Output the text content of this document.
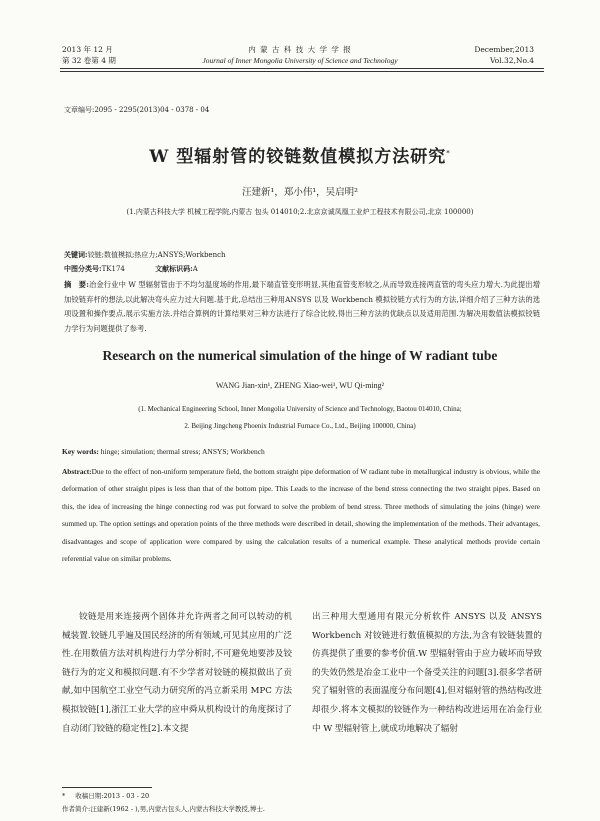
2013 年 12 月
第 32 卷第 4 期
内 蒙 古 科 技 大 学 学 报
Journal of Inner Mongolia University of Science and Technology
December,2013
Vol.32,No.4
文章编号:2095 - 2295(2013)04 - 0378 - 04
W 型辐射管的铰链数值模拟方法研究*
汪建新¹，郑小伟¹，吴启明²
(1.内蒙古科技大学 机械工程学院,内蒙古 包头 014010;2.北京京诚凤凰工业炉工程技术有限公司,北京 100000)
关键词:铰链;数值模拟;热应力;ANSYS;Workbench
中图分类号:TK174	文献标识码:A
摘　要:冶金行业中 W 型辐射管由于不均匀温度场的作用,最下端直管变形明显,其他直管变形较之,从而导致连接两直管的弯头应力增大.为此提出增加铰链弃杆的想法,以此解决弯头应力过大问题.基于此,总结出三种用ANSYS 以及 Workbench 模拟铰链方式行为的方法,详细介绍了三种方法的选项设置和操作要点,展示实施方法.并结合算例的计算结果对三种方法进行了综合比较,得出三种方法的优缺点以及适用范围.为解决用数值法模拟铰链力学行为问题提供了参考.
Research on the numerical simulation of the hinge of W radiant tube
WANG Jian-xin¹, ZHENG Xiao-wei¹, WU Qi-ming²
(1. Mechanical Engineering School, Inner Mongolia University of Science and Technology, Baotou 014010, China;
2. Beijing Jingcheng Phoenix Industrial Furnace Co., Ltd., Beijing 100000, China)
Key words: hinge; simulation; thermal stress; ANSYS; Workbench
Abstract:Due to the effect of non-uniform temperature field, the bottom straight pipe deformation of W radiant tube in metallurgical industry is obvious, while the deformation of other straight pipes is less than that of the bottom pipe. This Leads to the increase of the bend stress connecting the two straight pipes. Based on this, the idea of increasing the hinge connecting rod was put forward to solve the problem of bend stress. Three methods of simulating the joins (hinge) were summed up. The option settings and operation points of the three methods were described in detail, showing the implementation of the methods. Their advantages, disadvantages and scope of application were compared by using the calculation results of a numerical example. These analytical methods provide certain referential value on similar problems.
铰链是用来连接两个固体并允许两者之间可以转动的机械装置.铰链几乎遍及国民经济的所有领域,可见其应用的广泛性.在用数值方法对机构进行力学分析时,不可避免地要涉及铰链行为的定义和模拟问题.有不少学者对铰链的模拟做出了贡献,如中国航空工业空气动力研究所的冯立新采用 MPC 方法模拟铰链[1],浙江工业大学的应申舜从机构设计的角度探讨了自动闭门铰链的稳定性[2].本文提
出三种用大型通用有限元分析软件 ANSYS 以及 ANSYS Workbench 对铰链进行数值模拟的方法,为含有铰链装置的仿真提供了重要的参考价值.W 型辐射管由于应力破坏而导致的失效仍然是冶金工业中一个备受关注的问题[3].很多学者研究了辐射管的表面温度分布问题[4],但对辐射管的热结构改进却很少.将本文模拟的铰链作为一种结构改进运用在冶金行业中 W 型辐射管上,就成功地解决了辐射
* 收稿日期:2013 - 03 - 20
作者简介:汪建新(1962 - ),男,内蒙古包头人,内蒙古科技大学教授,博士.
